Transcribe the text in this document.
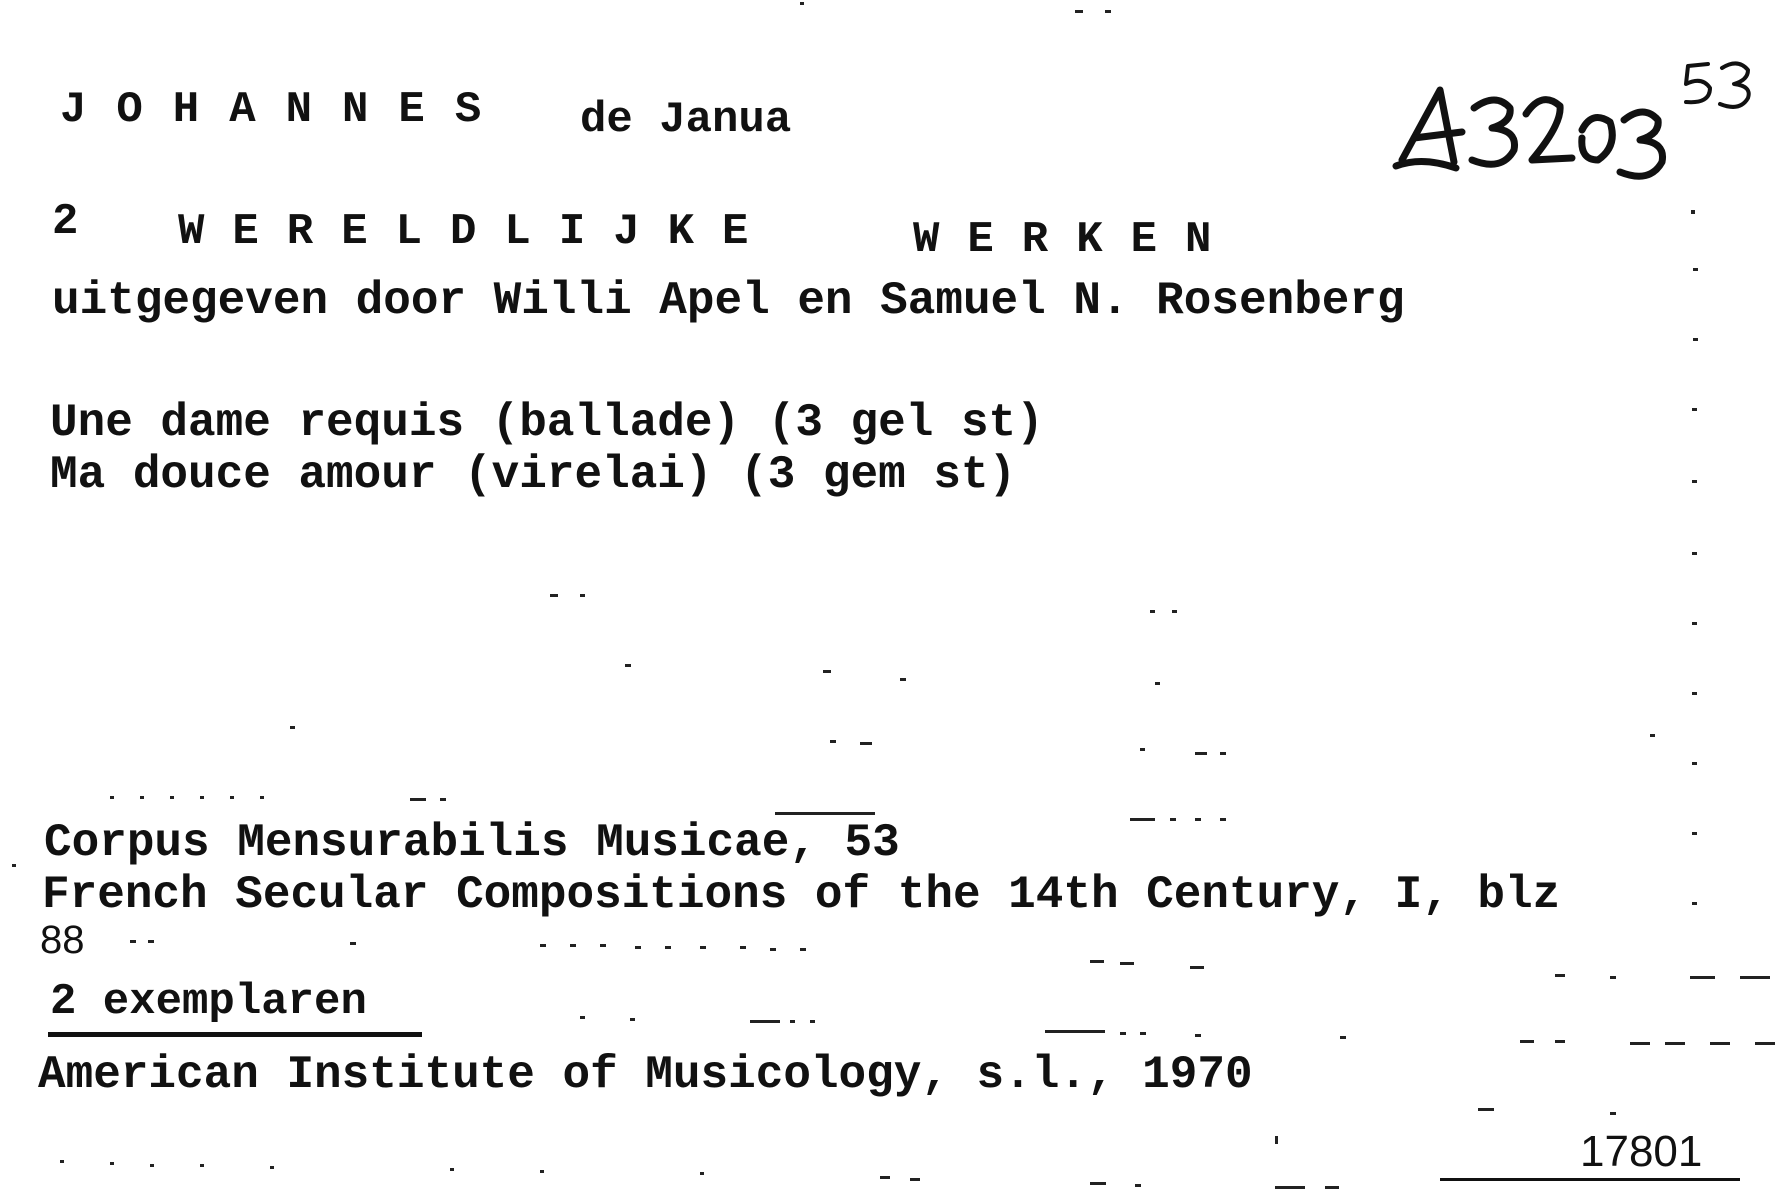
JOHANNES de Janua
2 WERELDLIJKE	WERKEN
uitgegeven door Willi Apel en Samuel N. Rosenberg
Une dame requis (ballade) (3 gel st)
Ma douce amour (virelai) (3 gem st)
Corpus Mensurabilis Musicae, 53
French Secular Compositions of the 14th Century, I, blz
88
2 exemplaren
American Institute of Musicology, s.l., 1970
17801
